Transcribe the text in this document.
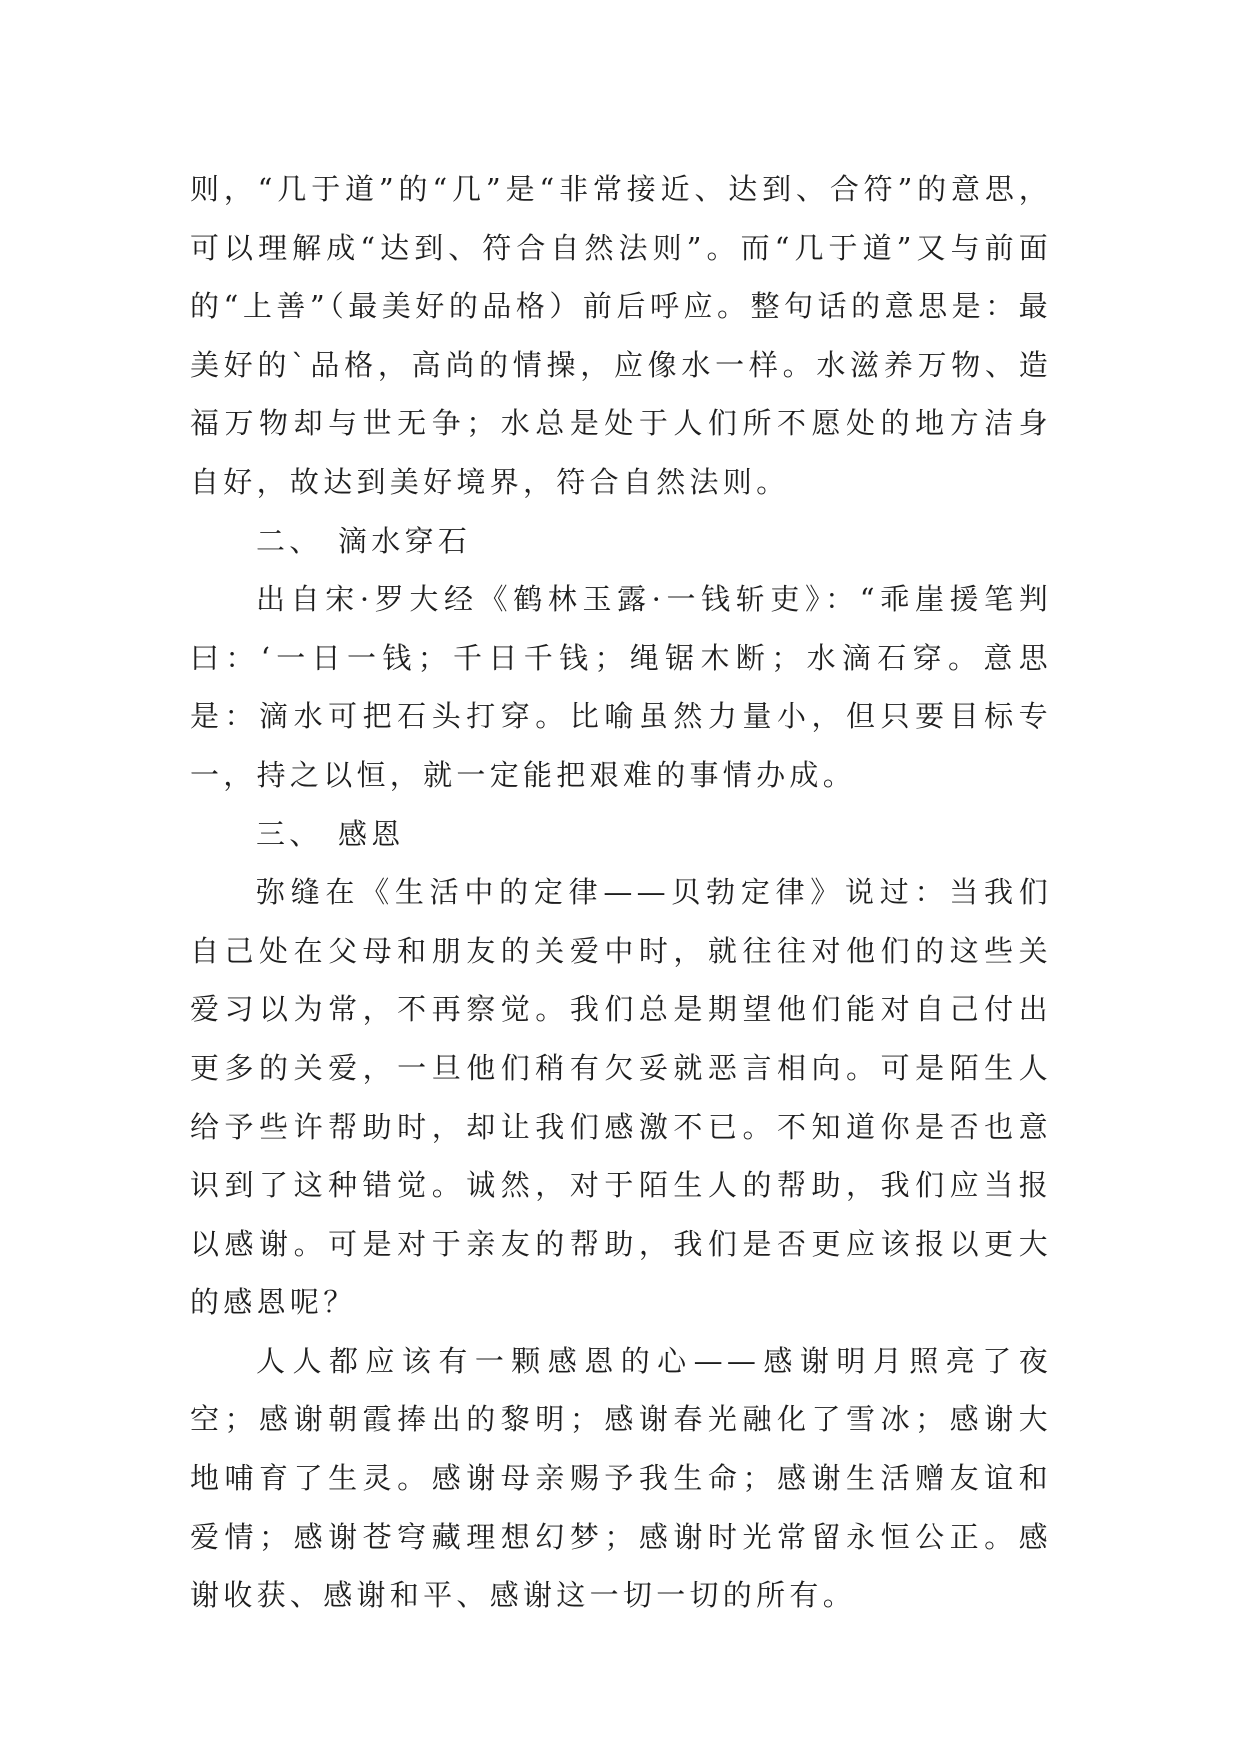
则，“几于道”的“几”是“非常接近、达到、合符”的意思，可以理解成“达到、符合自然法则”。而“几于道”又与前面的“上善”（最美好的品格）前后呼应。整句话的意思是：最美好的`品格，高尚的情操，应像水一样。水滋养万物、造福万物却与世无争；水总是处于人们所不愿处的地方洁身自好，故达到美好境界，符合自然法则。

二、 滴水穿石

出自宋·罗大经《鹤林玉露·一钱斩吏》：“乖崖援笔判曰：‘一日一钱；千日千钱；绳锯木断；水滴石穿。意思是：滴水可把石头打穿。比喻虽然力量小，但只要目标专一，持之以恒，就一定能把艰难的事情办成。

三、 感恩

弥缝在《生活中的定律——贝勃定律》说过：当我们自己处在父母和朋友的关爱中时，就往往对他们的这些关爱习以为常，不再察觉。我们总是期望他们能对自己付出更多的关爱，一旦他们稍有欠妥就恶言相向。可是陌生人给予些许帮助时，却让我们感激不已。不知道你是否也意识到了这种错觉。诚然，对于陌生人的帮助，我们应当报以感谢。可是对于亲友的帮助，我们是否更应该报以更大的感恩呢？

人人都应该有一颗感恩的心——感谢明月照亮了夜空；感谢朝霞捧出的黎明；感谢春光融化了雪冰；感谢大地哺育了生灵。感谢母亲赐予我生命；感谢生活赠友谊和爱情；感谢苍穹藏理想幻梦；感谢时光常留永恒公正。感谢收获、感谢和平、感谢这一切一切的所有。
